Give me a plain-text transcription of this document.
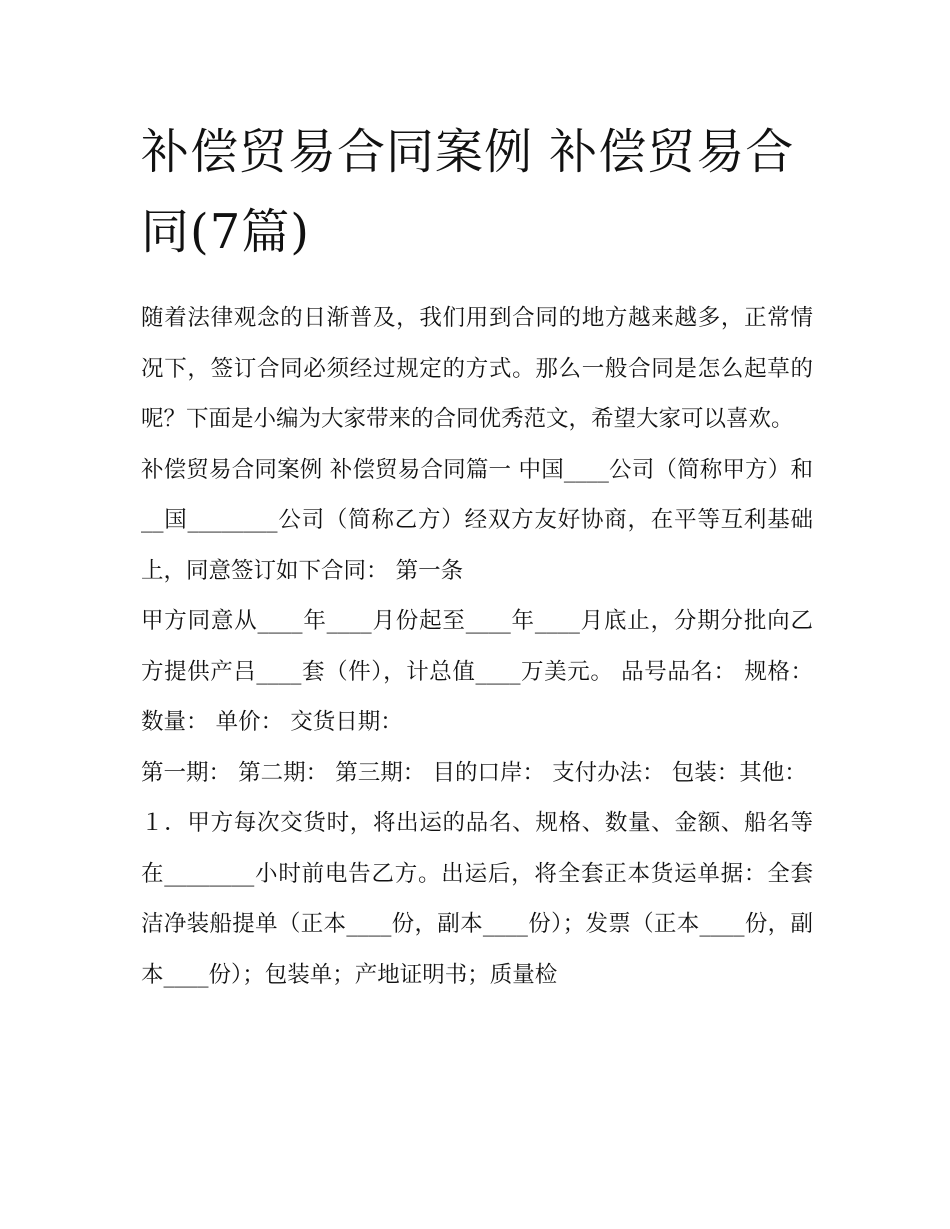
补偿贸易合同案例 补偿贸易合同(7篇)

随着法律观念的日渐普及，我们用到合同的地方越来越多，正常情况下，签订合同必须经过规定的方式。那么一般合同是怎么起草的呢？下面是小编为大家带来的合同优秀范文，希望大家可以喜欢。

补偿贸易合同案例 补偿贸易合同篇一 中国____公司（简称甲方）和__国________公司（简称乙方）经双方友好协商，在平等互利基础上，同意签订如下合同： 第一条

甲方同意从____年____月份起至____年____月底止，分期分批向乙方提供产吕____套（件），计总值____万美元。 品号品名： 规格： 数量： 单价： 交货日期：

第一期： 第二期： 第三期： 目的口岸： 支付办法： 包装：其他：

１．甲方每次交货时，将出运的品名、规格、数量、金额、船名等在________小时前电告乙方。出运后，将全套正本货运单据：全套洁净装船提单（正本____份，副本____份）；发票（正本____份，副本____份）；包装单；产地证明书；质量检
